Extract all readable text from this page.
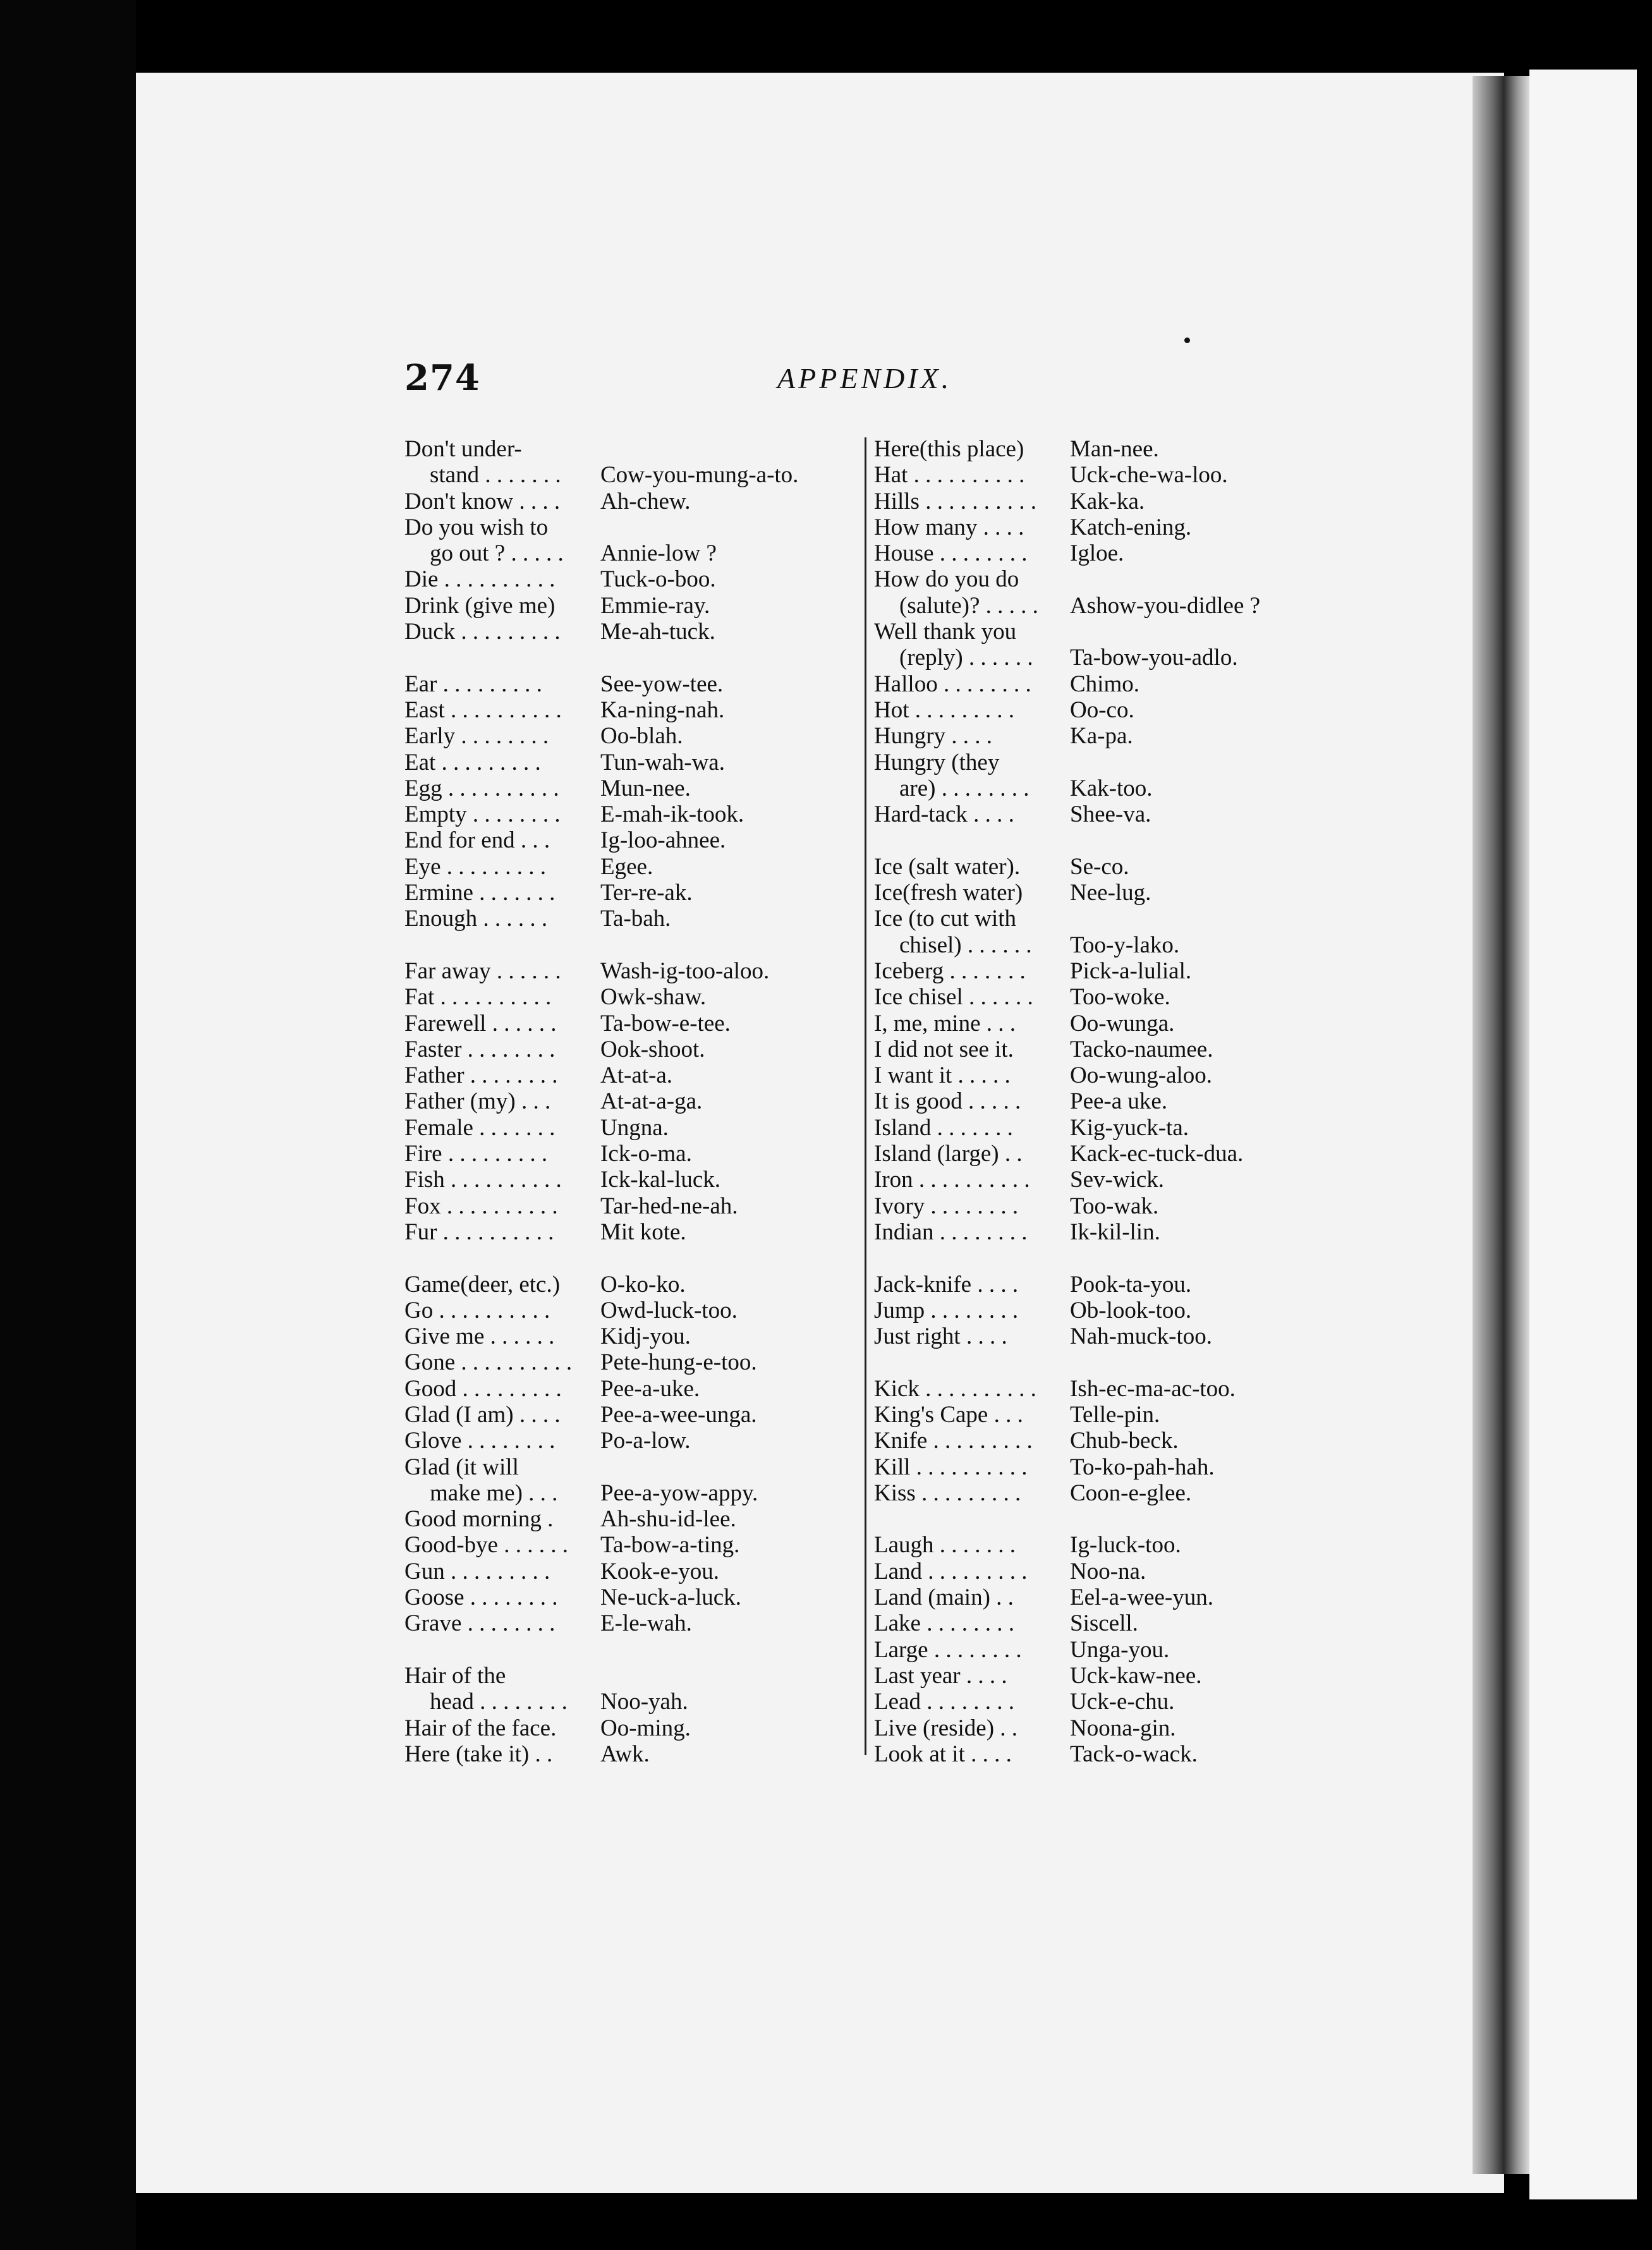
274	APPENDIX.
Don't under-
stand . . . . . . .	Cow-you-mung-a-to.
Don't know . . . .	Ah-chew.
Do you wish to
go out ? . . . . .	Annie-low ?
Die . . . . . . . . . .	Tuck-o-boo.
Drink (give me)	Emmie-ray.
Duck . . . . . . . . .	Me-ah-tuck.
Ear . . . . . . . . .	See-yow-tee.
East . . . . . . . . . .	Ka-ning-nah.
Early . . . . . . . .	Oo-blah.
Eat . . . . . . . . .	Tun-wah-wa.
Egg . . . . . . . . . .	Mun-nee.
Empty . . . . . . . .	E-mah-ik-took.
End for end . . .	Ig-loo-ahnee.
Eye . . . . . . . . .	Egee.
Ermine . . . . . . .	Ter-re-ak.
Enough . . . . . .	Ta-bah.
Far away . . . . . .	Wash-ig-too-aloo.
Fat . . . . . . . . . .	Owk-shaw.
Farewell . . . . . .	Ta-bow-e-tee.
Faster . . . . . . . .	Ook-shoot.
Father . . . . . . . .	At-at-a.
Father (my) . . .	At-at-a-ga.
Female . . . . . . .	Ungna.
Fire . . . . . . . . .	Ick-o-ma.
Fish . . . . . . . . . .	Ick-kal-luck.
Fox . . . . . . . . . .	Tar-hed-ne-ah.
Fur . . . . . . . . . .	Mit kote.
Game(deer, etc.)	O-ko-ko.
Go . . . . . . . . . .	Owd-luck-too.
Give me . . . . . .	Kidj-you.
Gone . . . . . . . . . .	Pete-hung-e-too.
Good . . . . . . . . .	Pee-a-uke.
Glad (I am) . . . .	Pee-a-wee-unga.
Glove . . . . . . . .	Po-a-low.
Glad (it will
make me) . . .	Pee-a-yow-appy.
Good morning .	Ah-shu-id-lee.
Good-bye . . . . . .	Ta-bow-a-ting.
Gun . . . . . . . . .	Kook-e-you.
Goose . . . . . . . .	Ne-uck-a-luck.
Grave . . . . . . . .	E-le-wah.
Hair of the
head . . . . . . . .	Noo-yah.
Hair of the face.	Oo-ming.
Here (take it) . .	Awk.
Here(this place)	Man-nee.
Hat . . . . . . . . . .	Uck-che-wa-loo.
Hills . . . . . . . . . .	Kak-ka.
How many . . . .	Katch-ening.
House . . . . . . . .	Igloe.
How do you do
(salute)? . . . . .	Ashow-you-didlee ?
Well thank you
(reply) . . . . . .	Ta-bow-you-adlo.
Halloo . . . . . . . .	Chimo.
Hot . . . . . . . . .	Oo-co.
Hungry . . . .	Ka-pa.
Hungry (they
are) . . . . . . . .	Kak-too.
Hard-tack . . . .	Shee-va.
Ice (salt water).	Se-co.
Ice(fresh water)	Nee-lug.
Ice (to cut with
chisel) . . . . . .	Too-y-lako.
Iceberg . . . . . . .	Pick-a-lulial.
Ice chisel . . . . . .	Too-woke.
I, me, mine . . .	Oo-wunga.
I did not see it.	Tacko-naumee.
I want it . . . . .	Oo-wung-aloo.
It is good . . . . .	Pee-a uke.
Island . . . . . . .	Kig-yuck-ta.
Island (large) . .	Kack-ec-tuck-dua.
Iron . . . . . . . . . .	Sev-wick.
Ivory . . . . . . . .	Too-wak.
Indian . . . . . . . .	Ik-kil-lin.
Jack-knife . . . .	Pook-ta-you.
Jump . . . . . . . .	Ob-look-too.
Just right . . . .	Nah-muck-too.
Kick . . . . . . . . . .	Ish-ec-ma-ac-too.
King's Cape . . .	Telle-pin.
Knife . . . . . . . . .	Chub-beck.
Kill . . . . . . . . . .	To-ko-pah-hah.
Kiss . . . . . . . . .	Coon-e-glee.
Laugh . . . . . . .	Ig-luck-too.
Land . . . . . . . . .	Noo-na.
Land (main) . .	Eel-a-wee-yun.
Lake . . . . . . . .	Siscell.
Large . . . . . . . .	Unga-you.
Last year . . . .	Uck-kaw-nee.
Lead . . . . . . . .	Uck-e-chu.
Live (reside) . .	Noona-gin.
Look at it . . . .	Tack-o-wack.
